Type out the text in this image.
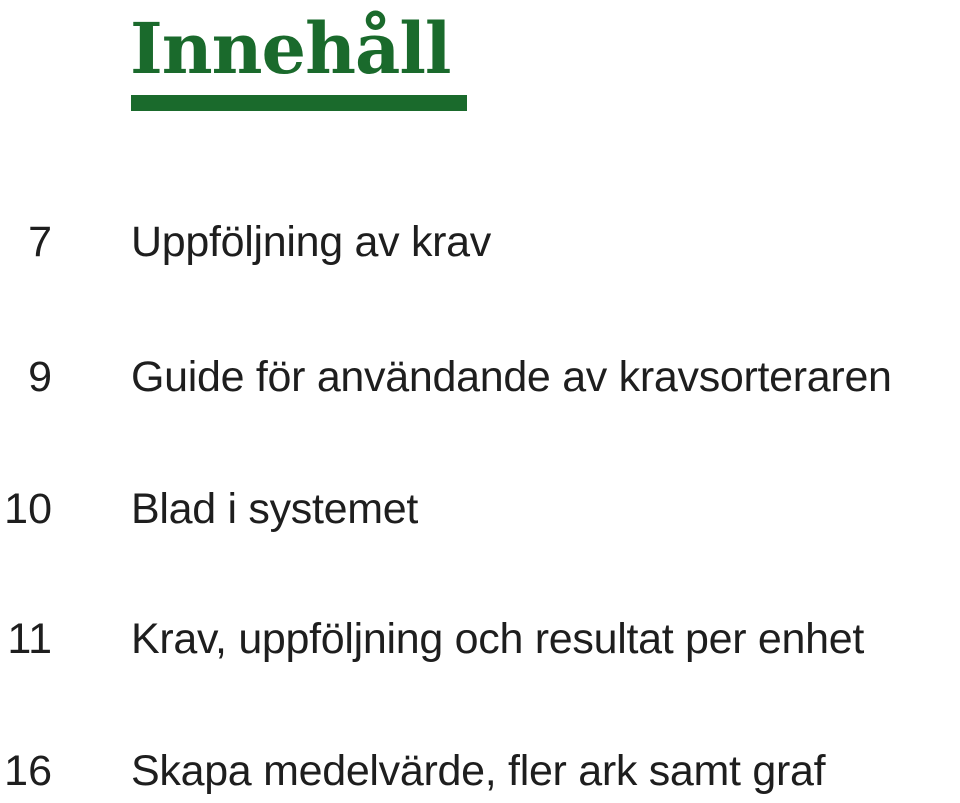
Innehåll
7 Uppföljning av krav
9 Guide för användande av kravsorteraren
10 Blad i systemet
11 Krav, uppföljning och resultat per enhet
16 Skapa medelvärde, fler ark samt graf
